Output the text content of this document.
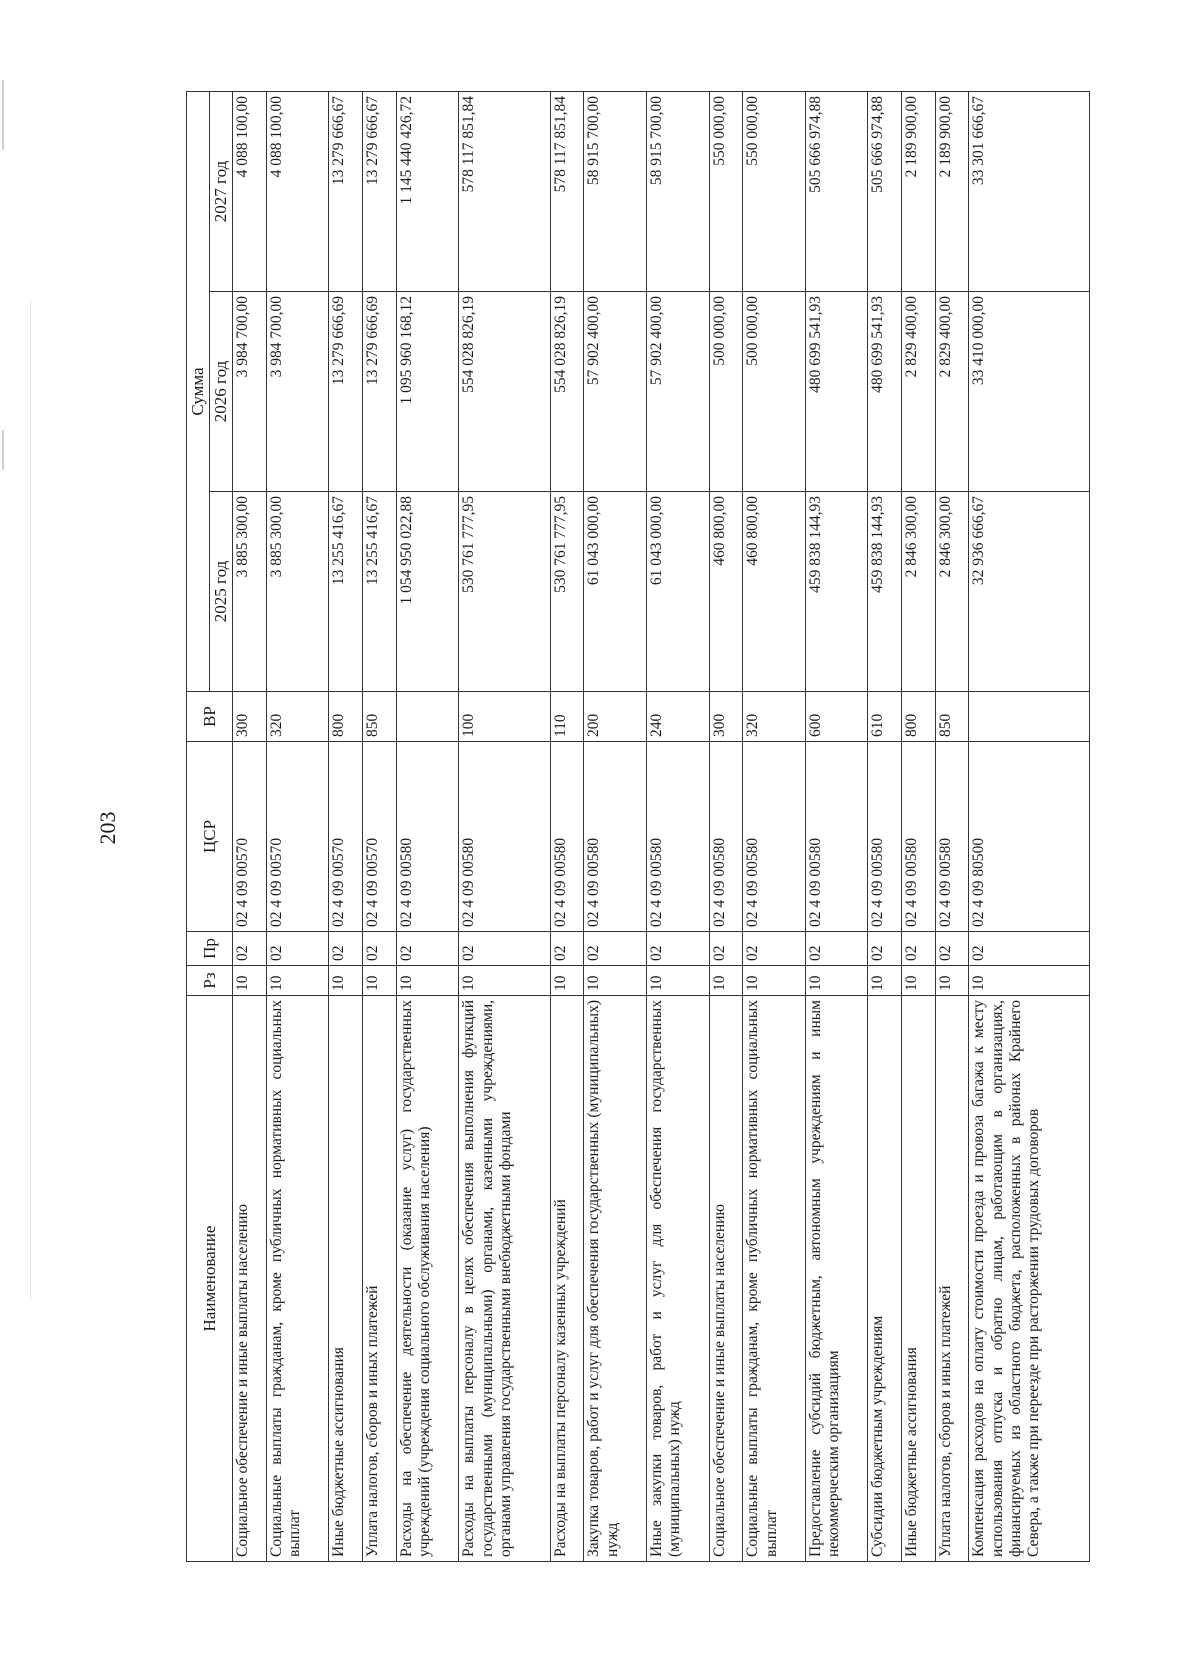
203
Наименование	Рз	Пр	ЦСР	ВР	Сумма		
					2025 год	2026 год	2027 год
Социальное обеспечение и иные выплаты населению	10	02	02 4 09 00570	300	3 885 300,00	3 984 700,00	4 088 100,00
Социальные выплаты гражданам, кроме публичных нормативных социальных выплат	10	02	02 4 09 00570	320	3 885 300,00	3 984 700,00	4 088 100,00
Иные бюджетные ассигнования	10	02	02 4 09 00570	800	13 255 416,67	13 279 666,69	13 279 666,67
Уплата налогов, сборов и иных платежей	10	02	02 4 09 00570	850	13 255 416,67	13 279 666,69	13 279 666,67
Расходы на обеспечение деятельности (оказание услуг) государственных учреждений (учреждения социального обслуживания населения)	10	02	02 4 09 00580		1 054 950 022,88	1 095 960 168,12	1 145 440 426,72
Расходы на выплаты персоналу в целях обеспечения выполнения функций государственными (муниципальными) органами, казенными учреждениями, органами управления государственными внебюджетными фондами	10	02	02 4 09 00580	100	530 761 777,95	554 028 826,19	578 117 851,84
Расходы на выплаты персоналу казенных учреждений	10	02	02 4 09 00580	110	530 761 777,95	554 028 826,19	578 117 851,84
Закупка товаров, работ и услуг для обеспечения государственных (муниципальных) нужд	10	02	02 4 09 00580	200	61 043 000,00	57 902 400,00	58 915 700,00
Иные закупки товаров, работ и услуг для обеспечения государственных (муниципальных) нужд	10	02	02 4 09 00580	240	61 043 000,00	57 902 400,00	58 915 700,00
Социальное обеспечение и иные выплаты населению	10	02	02 4 09 00580	300	460 800,00	500 000,00	550 000,00
Социальные выплаты гражданам, кроме публичных нормативных социальных выплат	10	02	02 4 09 00580	320	460 800,00	500 000,00	550 000,00
Предоставление субсидий бюджетным, автономным учреждениям и иным некоммерческим организациям	10	02	02 4 09 00580	600	459 838 144,93	480 699 541,93	505 666 974,88
Субсидии бюджетным учреждениям	10	02	02 4 09 00580	610	459 838 144,93	480 699 541,93	505 666 974,88
Иные бюджетные ассигнования	10	02	02 4 09 00580	800	2 846 300,00	2 829 400,00	2 189 900,00
Уплата налогов, сборов и иных платежей	10	02	02 4 09 00580	850	2 846 300,00	2 829 400,00	2 189 900,00
Компенсация расходов на оплату стоимости проезда и провоза багажа к месту использования отпуска и обратно лицам, работающим в организациях, финансируемых из областного бюджета, расположенных в районах Крайнего Севера, а также при переезде при расторжении трудовых договоров	10	02	02 4 09 80500		32 936 666,67	33 410 000,00	33 301 666,67
